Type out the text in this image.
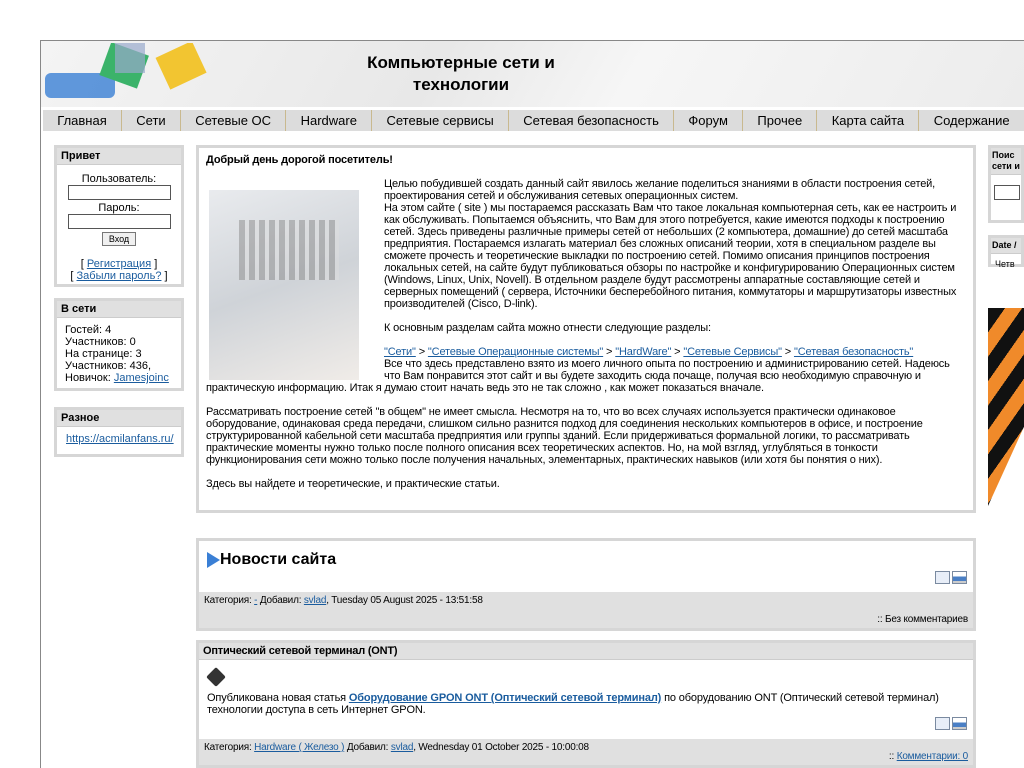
Компьютерные сети и
технологии
Главная	Сети	Сетевые ОС	Hardware	Сетевые сервисы	Сетевая безопасность	Форум	Прочее	Карта сайта	Содержание
Привет
Пользователь:
Пароль:
Вход
[ Регистрация ]
[ Забыли пароль? ]
В сети
Гостей: 4
Участников: 0
На странице: 3
Участников: 436,
Новичок: Jamesjoinc
Разное
https://acmilanfans.ru/
Поис
сети и
Date /
Четв

Добрый день дорогой посетитель!

Целью побудившей создать данный сайт явилось желание поделиться знаниями в области построения сетей, проектирования сетей и обслуживания сетевых операционных систем.

На этом сайте ( site ) мы постараемся рассказать Вам что такое локальная компьютерная сеть, как ее настроить и как обслуживать. Попытаемся объяснить, что Вам для этого потребуется, какие имеются подходы к построению сетей. Здесь приведены различные примеры сетей от небольших (2 компьютера, домашние) до сетей масштаба предприятия. Постараемся излагать материал без сложных описаний теории, хотя в специальном разделе вы сможете прочесть и теоретические выкладки по построению сетей. Помимо описания принципов построения локальных сетей, на сайте будут публиковаться обзоры по настройке и конфигурированию Операционных систем (Windows, Linux, Unix, Novell). В отдельном разделе будут рассмотрены аппаратные составляющие сетей и серверных помещений ( сервера, Источники бесперебойного питания, коммутаторы и маршрутизаторы известных производителей (Cisco, D-link).

К основным разделам сайта можно отнести следующие разделы:

"Сети" > "Сетевые Операционные системы" > "HardWare" > "Сетевые Сервисы" > "Сетевая безопасность"

Все что здесь представлено взято из моего личного опыта по построению и администрированию сетей. Надеюсь что Вам понравится этот сайт и вы будете заходить сюда почаще, получая всю необходимую справочную и практическую информацию. Итак я думаю стоит начать ведь это не так сложно , как может показаться вначале.

Рассматривать построение сетей "в общем" не имеет смысла. Несмотря на то, что во всех случаях используется практически одинаковое оборудование, одинаковая среда передачи, слишком сильно разнится подход для соединения нескольких компьютеров в офисе, и построение структурированной кабельной сети масштаба предприятия или группы зданий. Если придерживаться формальной логики, то рассматривать практические моменты нужно только после полного описания всех теоретических аспектов. Но, на мой взгляд, углубляться в тонкости функционирования сети можно только после получения начальных, элементарных, практических навыков (или хотя бы понятия о них).

Здесь вы найдете и теоретические, и практические статьи.

Новости сайта
Категория: - Добавил: svlad, Tuesday 05 August 2025 - 13:51:58
:: Без комментариев
Оптический сетевой терминал (ONT)
Опубликована новая статья Оборудование GPON ONT (Оптический сетевой терминал) по оборудованию ONT (Оптический сетевой терминал) технологии доступа в сеть Интернет GPON.
Категория: Hardware ( Железо ) Добавил: svlad, Wednesday 01 October 2025 - 10:00:08
:: Комментарии: 0
